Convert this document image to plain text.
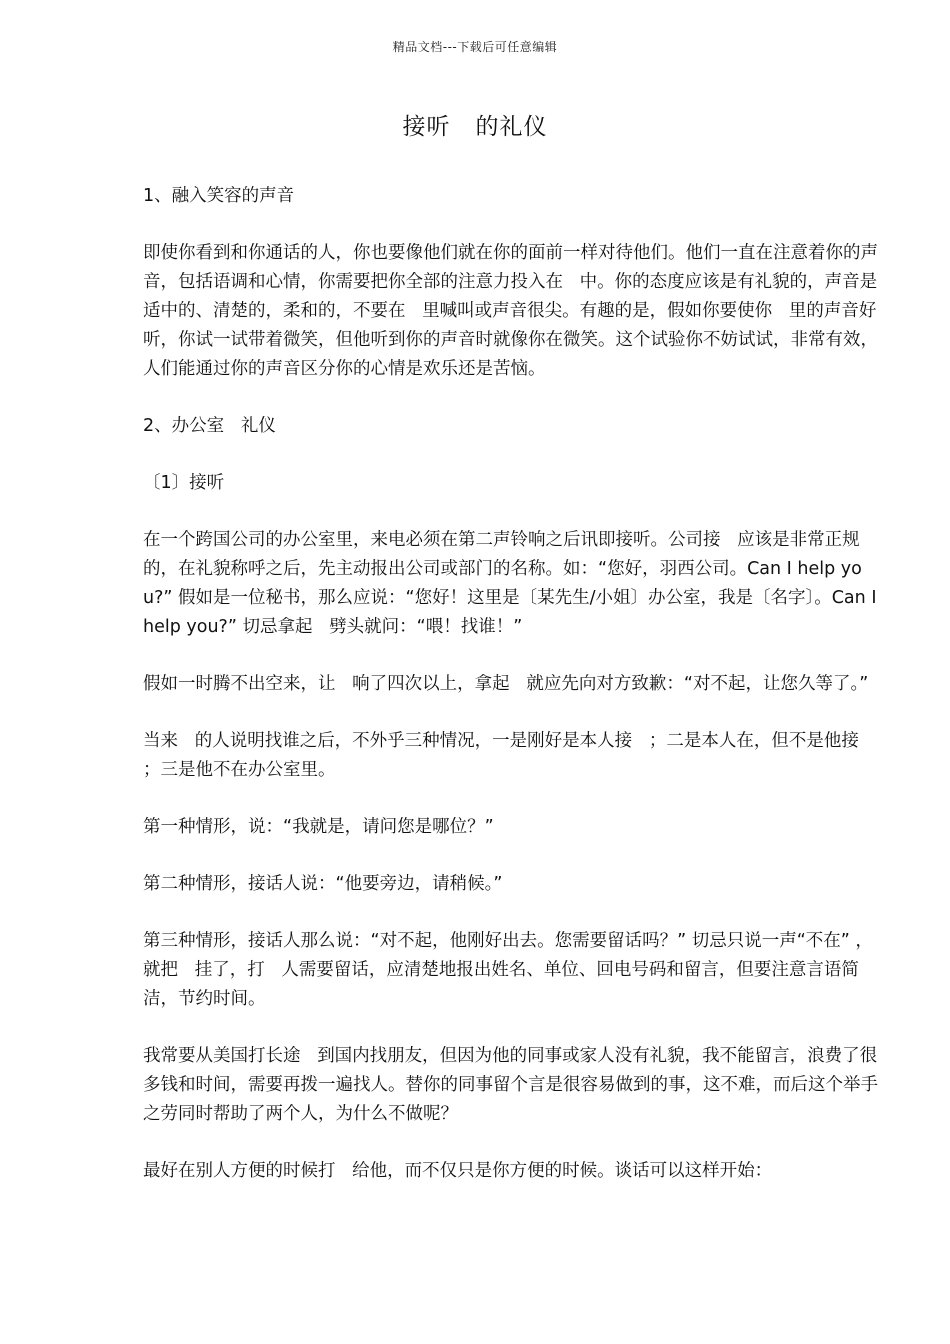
精品文档---下载后可任意编辑
接听   的礼仪

1、融入笑容的声音

即使你看到和你通话的人，你也要像他们就在你的面前一样对待他们。他们一直在注意着你的声音，包括语调和心情，你需要把你全部的注意力投入在   中。你的态度应该是有礼貌的，声音是适中的、清楚的，柔和的，不要在   里喊叫或声音很尖。有趣的是，假如你要使你   里的声音好听，你试一试带着微笑，但他听到你的声音时就像你在微笑。这个试验你不妨试试，非常有效，人们能通过你的声音区分你的心情是欢乐还是苦恼。

2、办公室   礼仪

〔1〕接听

在一个跨国公司的办公室里，来电必须在第二声铃响之后讯即接听。公司接   应该是非常正规的，在礼貌称呼之后，先主动报出公司或部门的名称。如：“您好，羽西公司。Can I help you?” 假如是一位秘书，那么应说：“您好！这里是〔某先生/小姐〕办公室，我是〔名字〕。Can I help you?” 切忌拿起   劈头就问：“喂！找谁！”

假如一时腾不出空来，让   响了四次以上，拿起   就应先向对方致歉：“对不起，让您久等了。”

当来   的人说明找谁之后，不外乎三种情况，一是刚好是本人接   ；二是本人在，但不是他接   ；三是他不在办公室里。

第一种情形，说：“我就是，请问您是哪位？”

第二种情形，接话人说：“他要旁边，请稍候。”

第三种情形，接话人那么说：“对不起，他刚好出去。您需要留话吗？” 切忌只说一声“不在” ，就把   挂了，打   人需要留话，应清楚地报出姓名、单位、回电号码和留言，但要注意言语简洁，节约时间。

我常要从美国打长途   到国内找朋友，但因为他的同事或家人没有礼貌，我不能留言，浪费了很多钱和时间，需要再拨一遍找人。替你的同事留个言是很容易做到的事，这不难，而后这个举手之劳同时帮助了两个人，为什么不做呢？

最好在别人方便的时候打   给他，而不仅只是你方便的时候。谈话可以这样开始：
